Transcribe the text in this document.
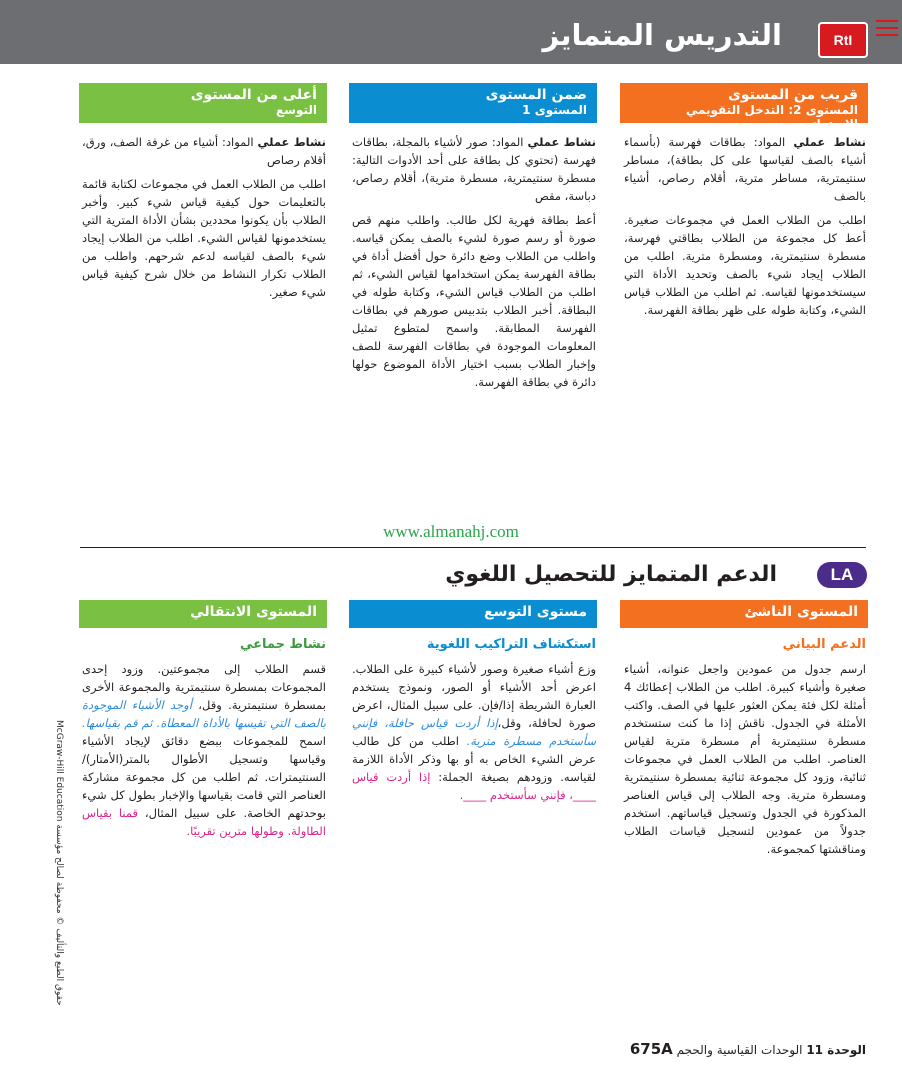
التدريس المتمايز	RtI
قريب من المستوى
المستوى 2: التدخل التقويمي الإستراتيجي
ضمن المستوى
المستوى 1
أعلى من المستوى
التوسع

نشاط عملي المواد: بطاقات فهرسة (بأسماء أشياء بالصف لقياسها على كل بطاقة)، مساطر سنتيمترية، مساطر مترية، أقلام رصاص، أشياء بالصف

اطلب من الطلاب العمل في مجموعات صغيرة. أعط كل مجموعة من الطلاب بطاقتي فهرسة، مسطرة سنتيمترية، ومسطرة مترية. اطلب من الطلاب إيجاد شيء بالصف وتحديد الأداة التي سيستخدمونها لقياسه. ثم اطلب من الطلاب قياس الشيء، وكتابة طوله على ظهر بطاقة الفهرسة.

نشاط عملي المواد: صور لأشياء بالمجلة، بطاقات فهرسة (تحتوي كل بطاقة على أحد الأدوات التالية: مسطرة سنتيمترية، مسطرة مترية)، أقلام رصاص، دباسة، مقص

أعط بطاقة فهرية لكل طالب. واطلب منهم قص صورة أو رسم صورة لشيء بالصف يمكن قياسه. واطلب من الطلاب وضع دائرة حول أفضل أداة في بطاقة الفهرسة يمكن استخدامها لقياس الشيء، ثم اطلب من الطلاب قياس الشيء، وكتابة طوله في البطاقة. أخبر الطلاب بتدبيس صورهم في بطاقات الفهرسة المطابقة. واسمح لمتطوع تمثيل المعلومات الموجودة في بطاقات الفهرسة للصف وإخبار الطلاب بسبب اختيار الأداة الموضوع حولها دائرة في بطاقة الفهرسة.

نشاط عملي المواد: أشياء من غرفة الصف، ورق، أقلام رصاص

اطلب من الطلاب العمل في مجموعات لكتابة قائمة بالتعليمات حول كيفية قياس شيء كبير. وأخبر الطلاب بأن يكونوا محددين بشأن الأداة المترية التي يستخدمونها لقياس الشيء. اطلب من الطلاب إيجاد شيء بالصف لقياسه لدعم شرحهم. واطلب من الطلاب تكرار النشاط من خلال شرح كيفية قياس شيء صغير.

www.almanahj.com
الدعم المتمايز للتحصيل اللغوي	LA
المستوى الناشئ
مستوى التوسع
المستوى الانتقالي
الدعم البياني

ارسم جدول من عمودين واجعل عنوانه، أشياء صغيرة وأشياء كبيرة. اطلب من الطلاب إعطائك 4 أمثلة لكل فئة يمكن العثور عليها في الصف. واكتب الأمثلة في الجدول. ناقش إذا ما كنت ستستخدم مسطرة سنتيمترية أم مسطرة مترية لقياس العناصر. اطلب من الطلاب العمل في مجموعات ثنائية، وزود كل مجموعة ثنائية بمسطرة سنتيمترية ومسطرة مترية. وجه الطلاب إلى قياس العناصر المذكورة في الجدول وتسجيل قياساتهم. استخدم جدولاً من عمودين لتسجيل قياسات الطلاب ومناقشتها كمجموعة.

استكشاف التراكيب اللغوية

وزع أشياء صغيرة وصور لأشياء كبيرة على الطلاب. اعرض أحد الأشياء أو الصور، ونموذج يستخدم العبارة الشريطة إذا/فإن. على سبيل المثال، اعرض صورة لحافلة، وقل،إذا أردت قياس حافلة، فإنني سأستخدم مسطرة مترية. اطلب من كل طالب عرض الشيء الخاص به أو بها وذكر الأداة اللازمة لقياسه. وزودهم بصيغة الجملة: إذا أردت قياس ____، فإنني سأستخدم ____.

نشاط جماعي

قسم الطلاب إلى مجموعتين. وزود إحدى المجموعات بمسطرة سنتيمترية والمجموعة الأخرى بمسطرة سنتيمترية. وقل، أوجد الأشياء الموجودة بالصف التي تقيسها بالأداة المعطاة. ثم قم بقياسها. اسمح للمجموعات ببضع دقائق لإيجاد الأشياء وقياسها وتسجيل الأطوال بالمتر(الأمتار)/ السنتيمترات. ثم اطلب من كل مجموعة مشاركة العناصر التي قامت بقياسها والإخبار بطول كل شيء بوحدتهم الخاصة. على سبيل المثال، قمنا بقياس الطاولة. وطولها مترين تقريبًا.

حقوق الطبع والتأليف © محفوظة لصالح مؤسسة McGraw-Hill Education
الوحدة 11 الوحدات القياسية والحجم 675A
